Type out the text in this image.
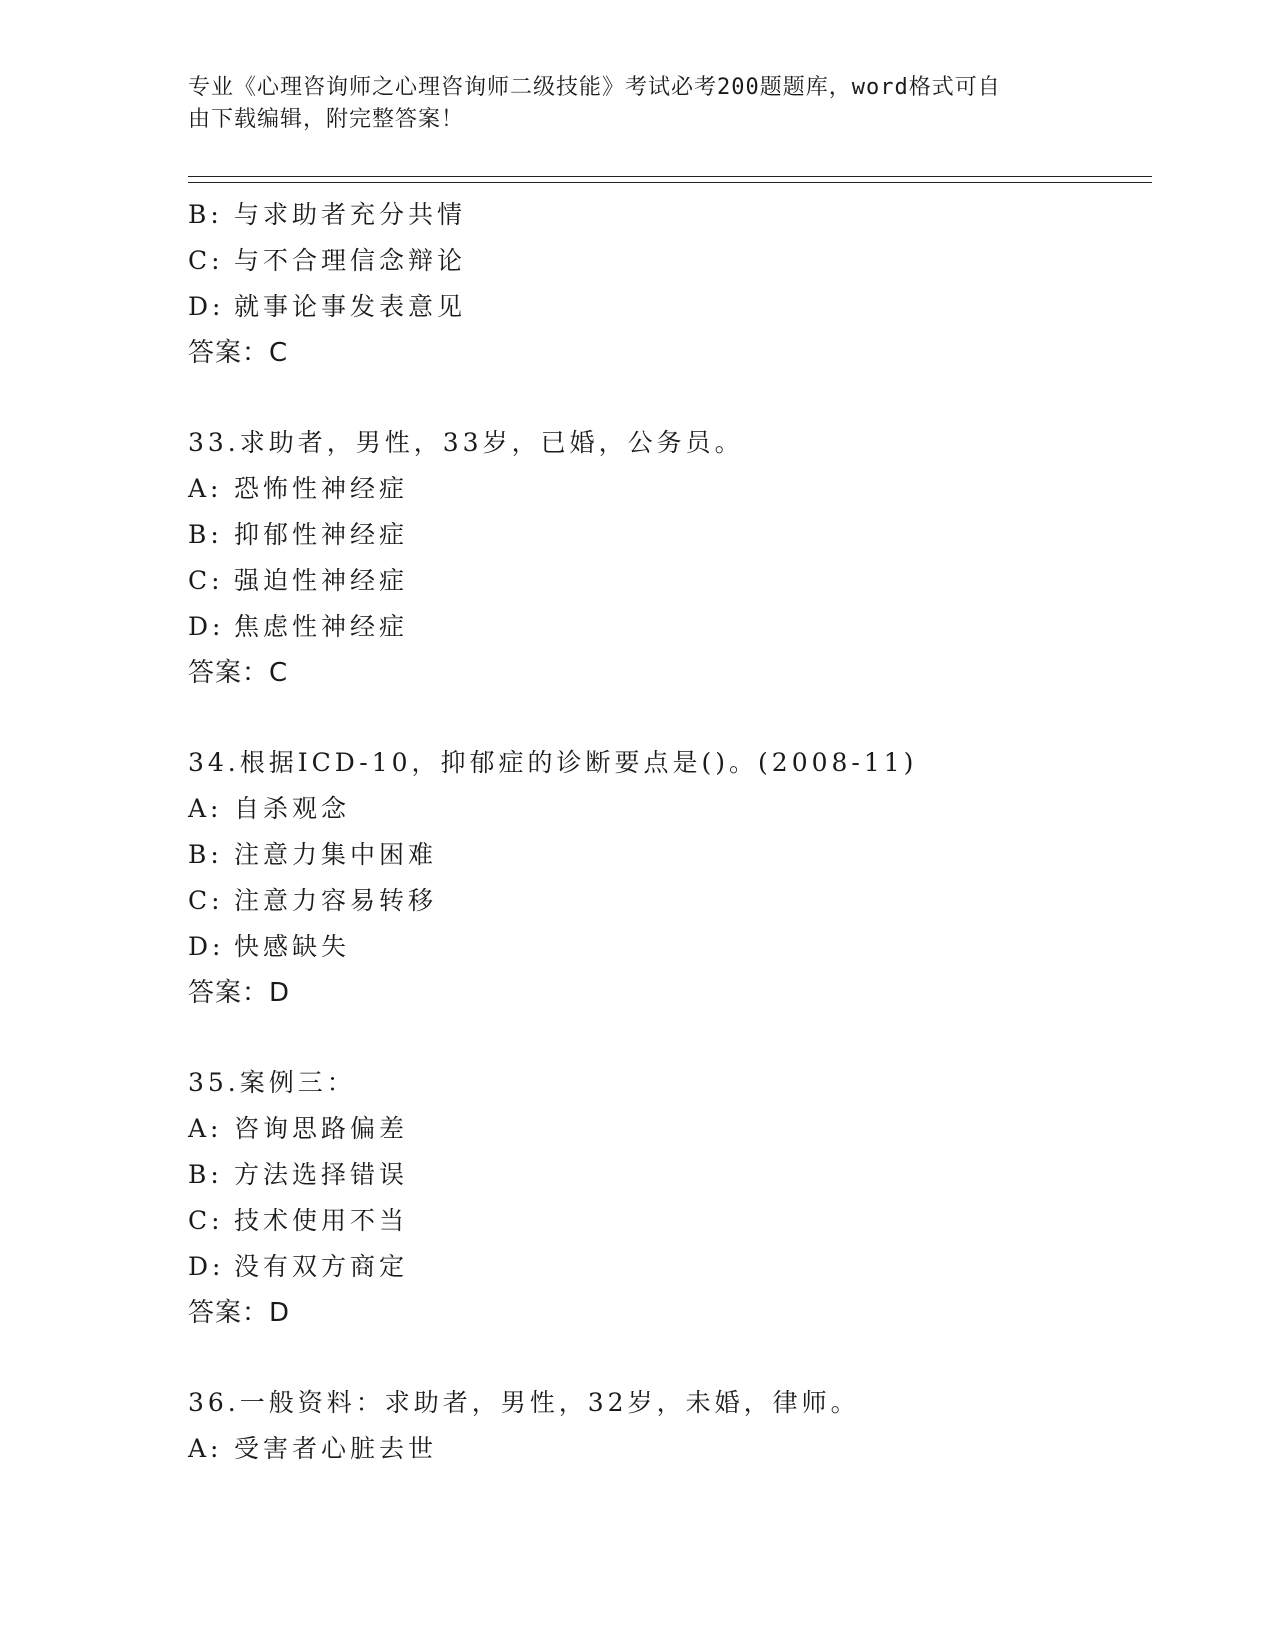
专业《心理咨询师之心理咨询师二级技能》考试必考200题题库，word格式可自
由下载编辑，附完整答案！
B: 与求助者充分共情
C: 与不合理信念辩论
D: 就事论事发表意见
答案：C
33.求助者，男性，33岁，已婚，公务员。
A: 恐怖性神经症
B: 抑郁性神经症
C: 强迫性神经症
D: 焦虑性神经症
答案：C
34.根据ICD-10，抑郁症的诊断要点是()。(2008-11)
A: 自杀观念
B: 注意力集中困难
C: 注意力容易转移
D: 快感缺失
答案：D
35.案例三：
A: 咨询思路偏差
B: 方法选择错误
C: 技术使用不当
D: 没有双方商定
答案：D
36.一般资料：求助者，男性，32岁，未婚，律师。
A: 受害者心脏去世
